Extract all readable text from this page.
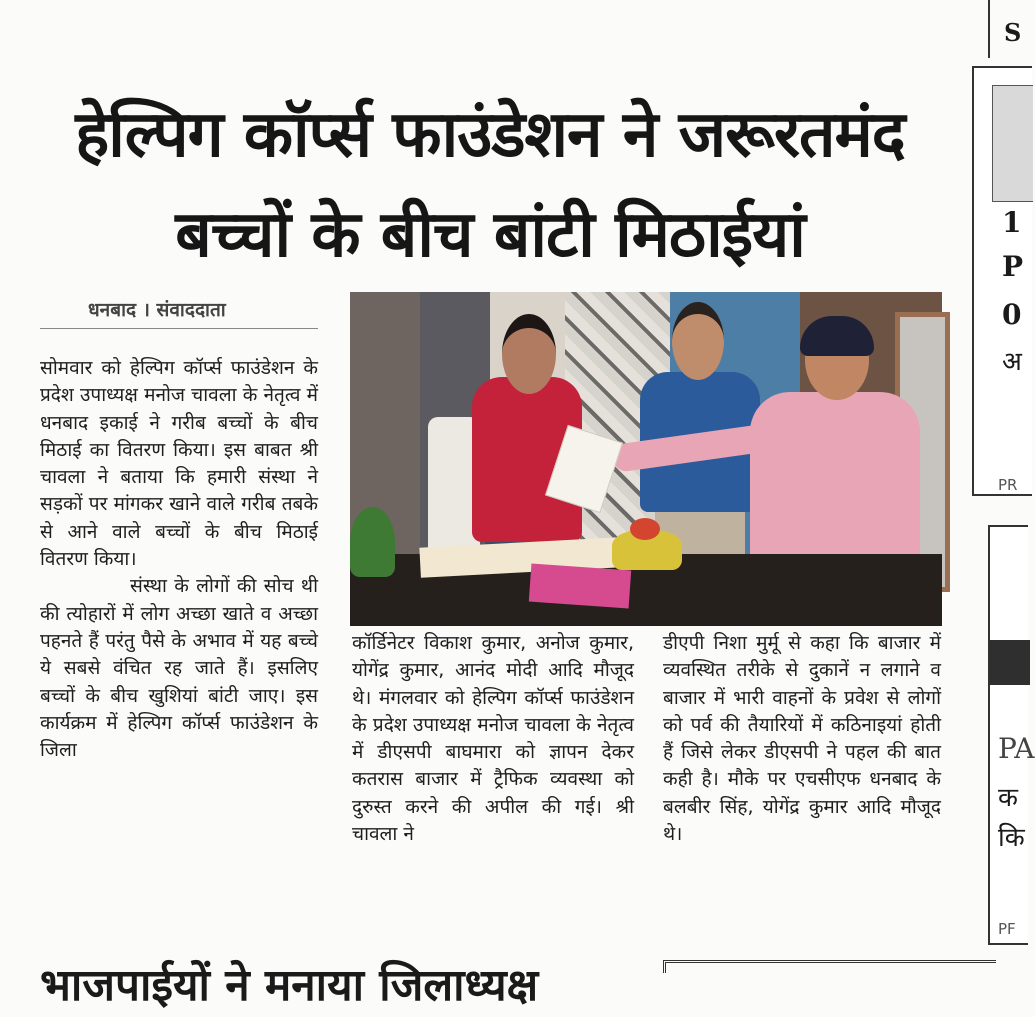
हेल्पिग कॉर्प्स फाउंडेशन ने जरूरतमंद
बच्चों के बीच बांटी मिठाईयां
धनबाद । संवाददाता

सोमवार को हेल्पिग कॉर्प्स फाउंडेशन के प्रदेश उपाध्यक्ष मनोज चावला के नेतृत्व में धनबाद इकाई ने गरीब बच्चों के बीच मिठाई का वितरण किया। इस बाबत श्री चावला ने बताया कि हमारी संस्था ने सड़कों पर मांगकर खाने वाले गरीब तबके से आने वाले बच्चों के बीच मिठाई वितरण किया।

संस्था के लोगों की सोच थी की त्योहारों में लोग अच्छा खाते व अच्छा पहनते हैं परंतु पैसे के अभाव में यह बच्चे ये सबसे वंचित रह जाते हैं। इसलिए बच्चों के बीच खुशियां बांटी जाए। इस कार्यक्रम में हेल्पिग कॉर्प्स फाउंडेशन के जिला

कॉर्डिनेटर विकाश कुमार, अनोज कुमार, योगेंद्र कुमार, आनंद मोदी आदि मौजूद थे। मंगलवार को हेल्पिग कॉर्प्स फाउंडेशन के प्रदेश उपाध्यक्ष मनोज चावला के नेतृत्व में डीएसपी बाघमारा को ज्ञापन देकर कतरास बाजार में ट्रैफिक व्यवस्था को दुरुस्त करने की अपील की गई। श्री चावला ने
डीएपी निशा मुर्मू से कहा कि बाजार में व्यवस्थित तरीके से दुकानें न लगाने व बाजार में भारी वाहनों के प्रवेश से लोगों को पर्व की तैयारियों में कठिनाइयां होती हैं जिसे लेकर डीएसपी ने पहल की बात कही है। मौके पर एचसीएफ धनबाद के बलबीर सिंह, योगेंद्र कुमार आदि मौजूद थे।
S
1
P
0
अ
PR
PA
क
कि
PF
भाजपाईयों ने मनाया जिलाध्यक्ष
